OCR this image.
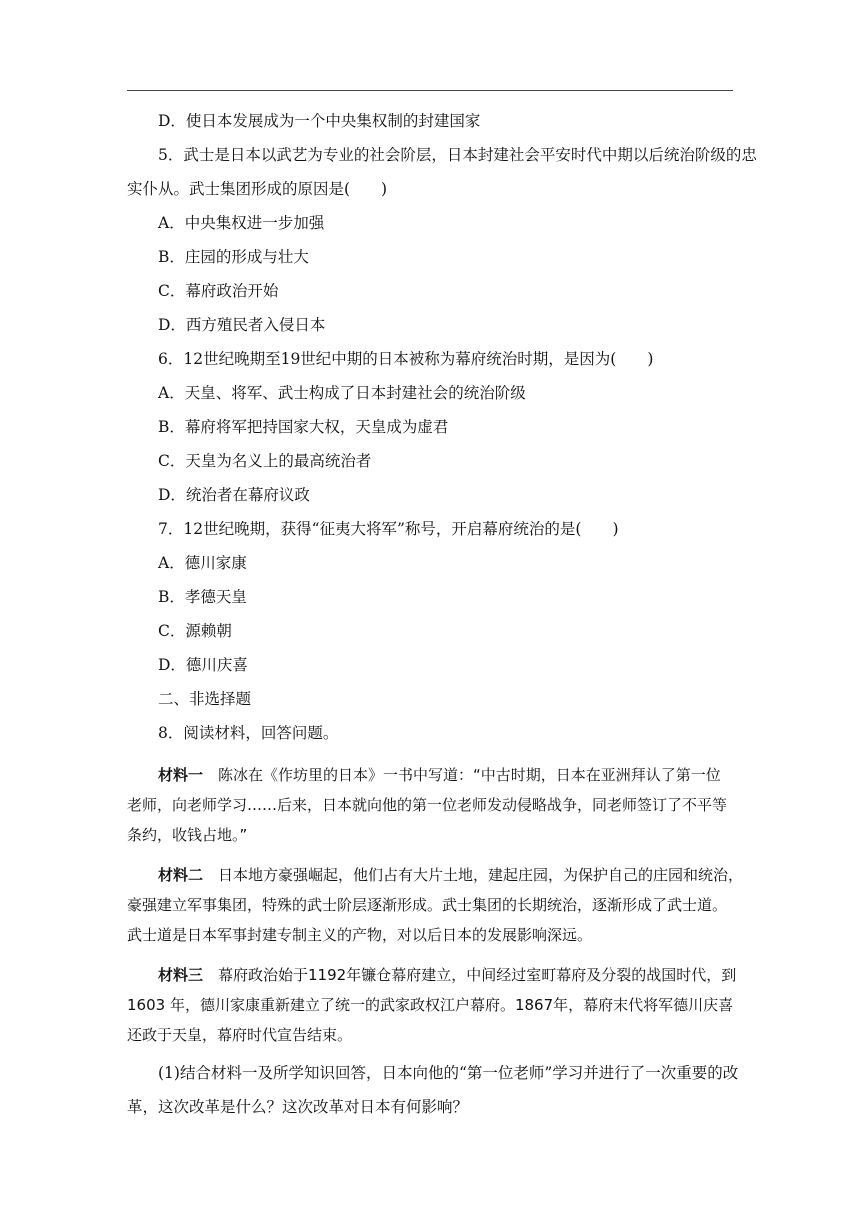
D．使日本发展成为一个中央集权制的封建国家
5．武士是日本以武艺为专业的社会阶层，日本封建社会平安时代中期以后统治阶级的忠
实仆从。武士集团形成的原因是(　　)
A．中央集权进一步加强
B．庄园的形成与壮大
C．幕府政治开始
D．西方殖民者入侵日本
6．12世纪晚期至19世纪中期的日本被称为幕府统治时期，是因为(　　)
A．天皇、将军、武士构成了日本封建社会的统治阶级
B．幕府将军把持国家大权，天皇成为虚君
C．天皇为名义上的最高统治者
D．统治者在幕府议政
7．12世纪晚期，获得“征夷大将军”称号，开启幕府统治的是(　　)
A．德川家康
B．孝德天皇
C．源赖朝
D．德川庆喜
二、非选择题
8．阅读材料，回答问题。
材料一　陈冰在《作坊里的日本》一书中写道：“中古时期，日本在亚洲拜认了第一位
老师，向老师学习……后来，日本就向他的第一位老师发动侵略战争，同老师签订了不平等
条约，收钱占地。”
材料二　日本地方豪强崛起，他们占有大片土地，建起庄园，为保护自己的庄园和统治，
豪强建立军事集团，特殊的武士阶层逐渐形成。武士集团的长期统治，逐渐形成了武士道。
武士道是日本军事封建专制主义的产物，对以后日本的发展影响深远。
材料三　幕府政治始于1192年镰仓幕府建立，中间经过室町幕府及分裂的战国时代，到
1603 年，德川家康重新建立了统一的武家政权江户幕府。1867年，幕府末代将军德川庆喜
还政于天皇，幕府时代宣告结束。
(1)结合材料一及所学知识回答，日本向他的“第一位老师”学习并进行了一次重要的改
革，这次改革是什么？这次改革对日本有何影响？
